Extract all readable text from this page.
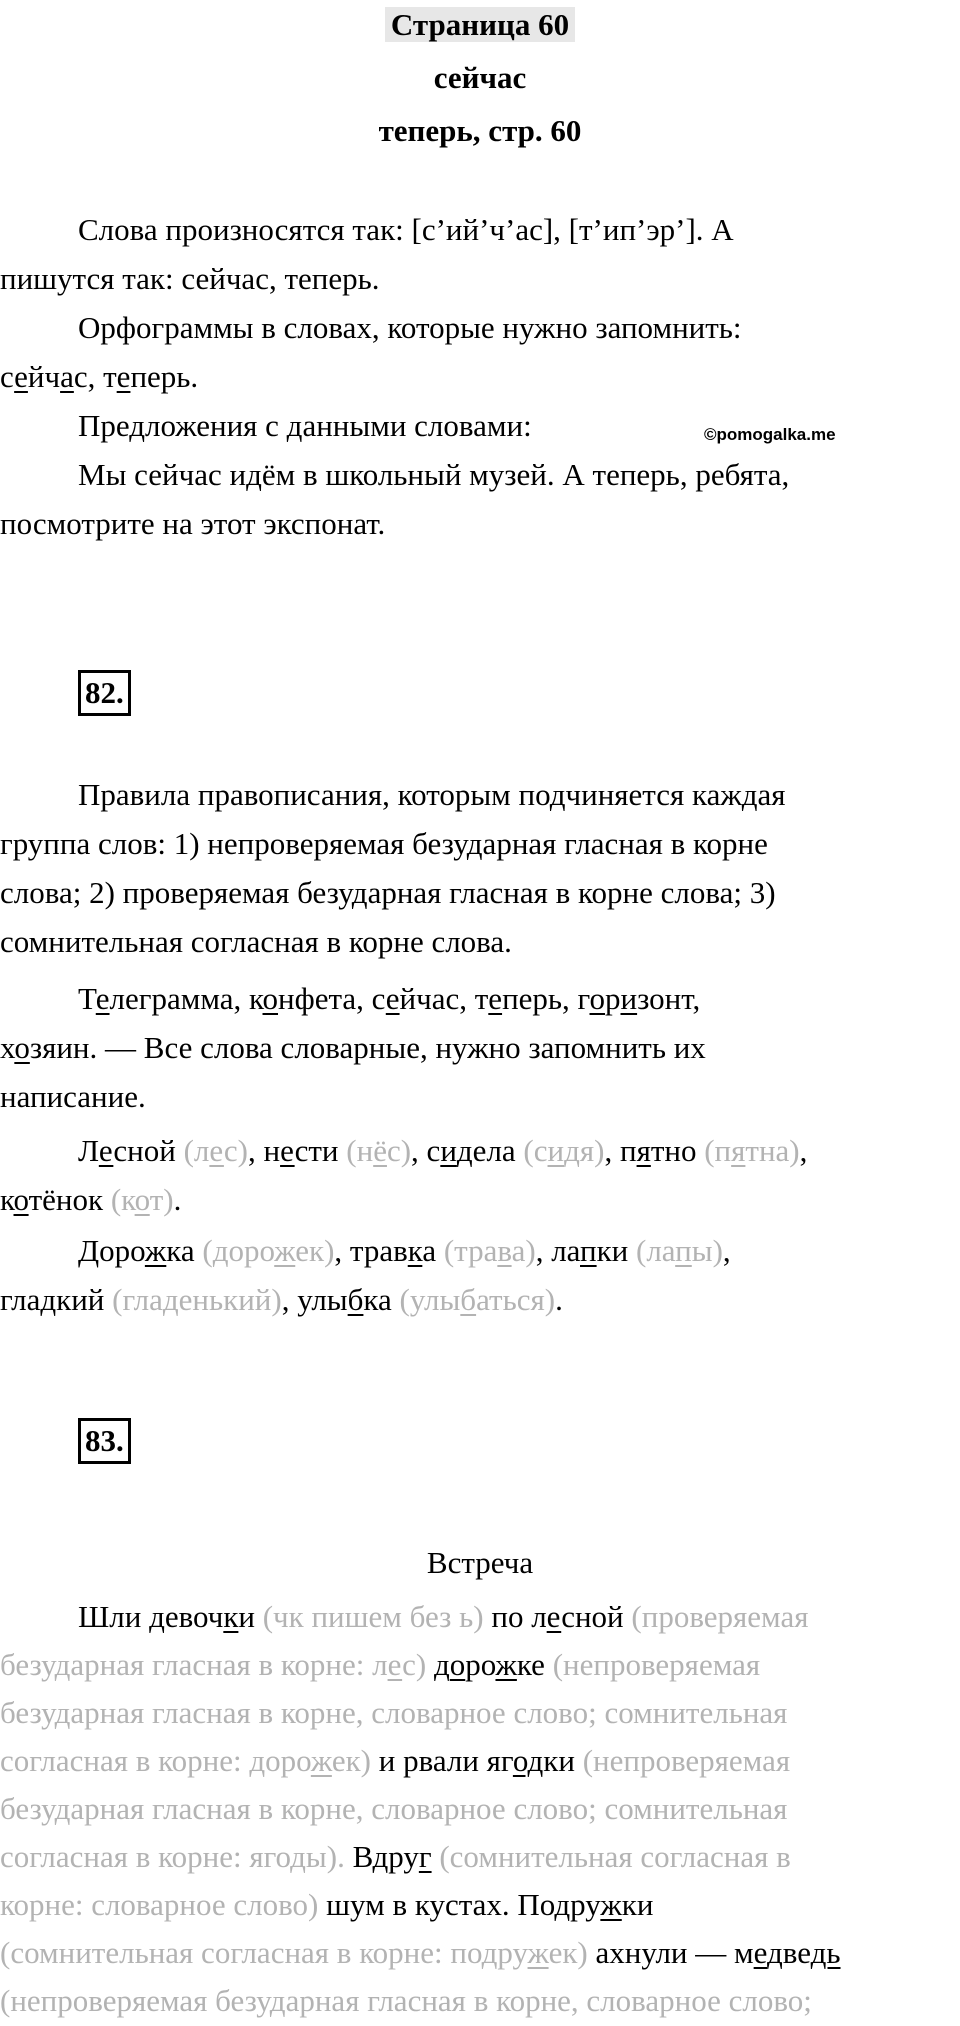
Страница 60
сейчас
теперь, стр. 60

Слова произносятся так: [с’ий’ч’ас], [т’ип’эр’]. А

пишутся так: сейчас, теперь.

Орфограммы в словах, которые нужно запомнить:

сейчас, теперь.

Предложения с данными словами:	©pomogalka.me

Мы сейчас идём в школьный музей. А теперь, ребята,

посмотрите на этот экспонат.

82.

Правила правописания, которым подчиняется каждая

группа слов: 1) непроверяемая безударная гласная в корне

слова; 2) проверяемая безударная гласная в корне слова; 3)

сомнительная согласная в корне слова.

Телеграмма, конфета, сейчас, теперь, горизонт,

хозяин. — Все слова словарные, нужно запомнить их

написание.

Лесной (лес), нести (нёс), сидела (сидя), пятно (пятна),

котёнок (кот).

Дорожка (дорожек), травка (трава), лапки (лапы),

гладкий (гладенький), улыбка (улыбаться).

83.
Встреча

Шли девочки (чк пишем без ь) по лесной (проверяемая

безударная гласная в корне: лес) дорожке (непроверяемая

безударная гласная в корне, словарное слово; сомнительная

согласная в корне: дорожек) и рвали ягодки (непроверяемая

безударная гласная в корне, словарное слово; сомнительная

согласная в корне: ягоды). Вдруг (сомнительная согласная в

корне: словарное слово) шум в кустах. Подружки

(сомнительная согласная в корне: подружек) ахнули — медведь

(непроверяемая безударная гласная в корне, словарное слово;
